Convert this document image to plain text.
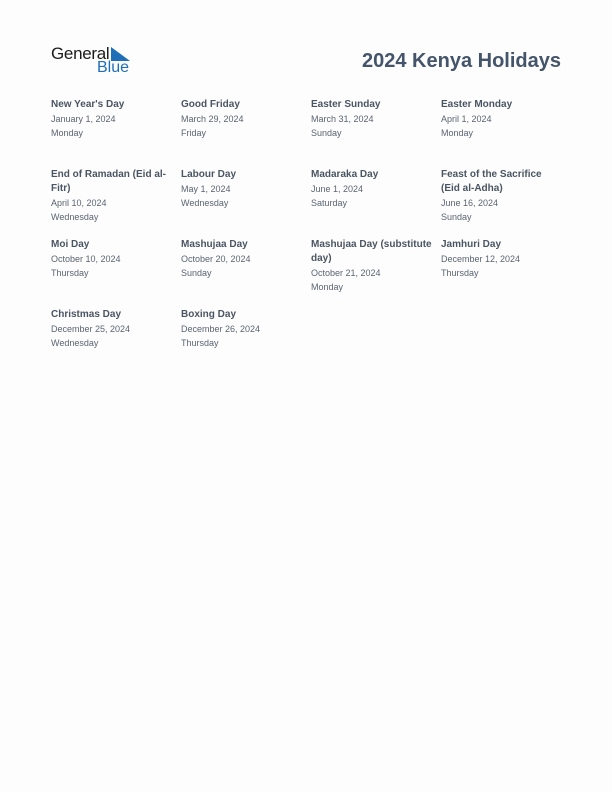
General
Blue	2024 Kenya Holidays
New Year's Day
January 1, 2024
Monday
Good Friday
March 29, 2024
Friday
Easter Sunday
March 31, 2024
Sunday
Easter Monday
April 1, 2024
Monday
End of Ramadan (Eid al-Fitr)
April 10, 2024
Wednesday
Labour Day
May 1, 2024
Wednesday
Madaraka Day
June 1, 2024
Saturday
Feast of the Sacrifice (Eid al-Adha)
June 16, 2024
Sunday
Moi Day
October 10, 2024
Thursday
Mashujaa Day
October 20, 2024
Sunday
Mashujaa Day (substitute day)
October 21, 2024
Monday
Jamhuri Day
December 12, 2024
Thursday
Christmas Day
December 25, 2024
Wednesday
Boxing Day
December 26, 2024
Thursday
